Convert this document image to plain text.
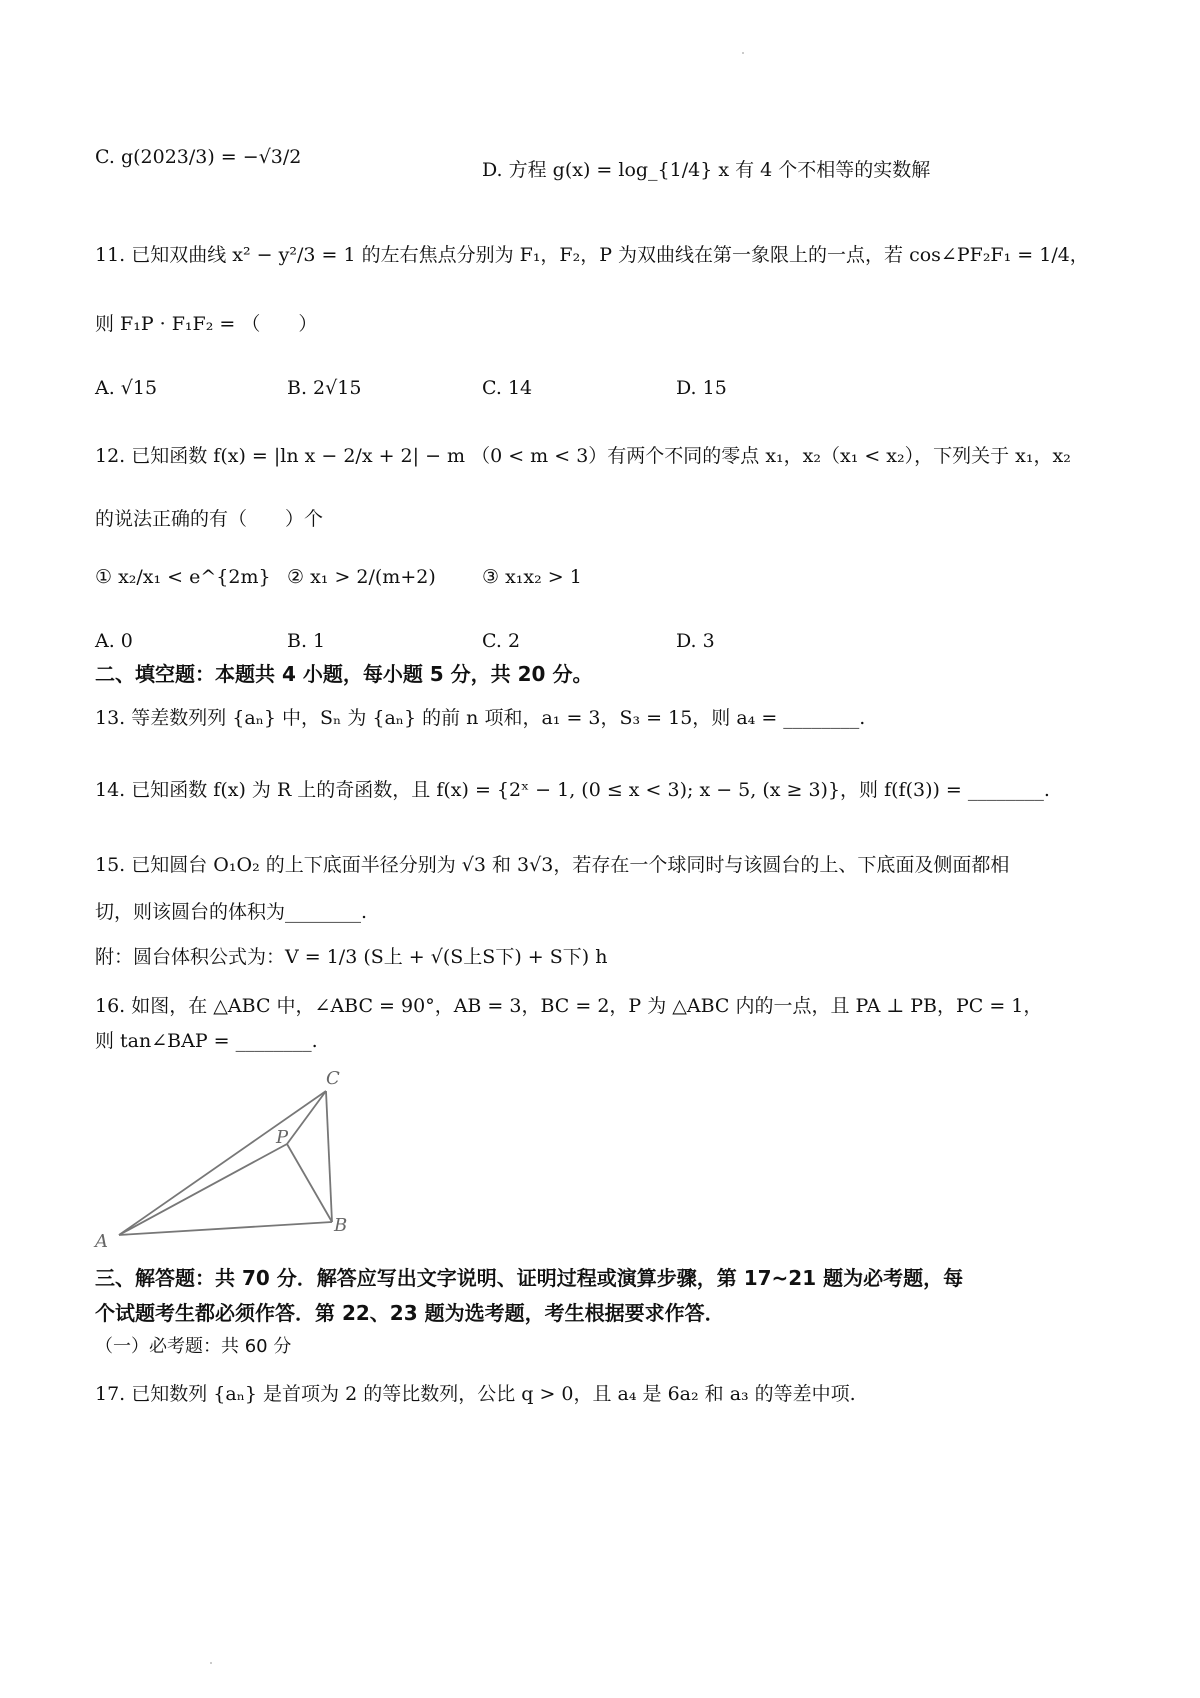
C. g(2023/3) = −√3/2
D. 方程 g(x) = log_{1/4} x 有 4 个不相等的实数解
11. 已知双曲线 x² − y²/3 = 1 的左右焦点分别为 F₁，F₂，P 为双曲线在第一象限上的一点，若 cos∠PF₂F₁ = 1/4，
则 F₁P · F₁F₂ = （　　）
A. √15	B. 2√15	C. 14	D. 15
12. 已知函数 f(x) = |ln x − 2/x + 2| − m （0 < m < 3）有两个不同的零点 x₁，x₂（x₁ < x₂），下列关于 x₁，x₂
的说法正确的有（　　）个
① x₂/x₁ < e^{2m} ② x₁ > 2/(m+2) ③ x₁x₂ > 1
A. 0	B. 1	C. 2	D. 3
二、填空题：本题共 4 小题，每小题 5 分，共 20 分。
13. 等差数列列 {aₙ} 中，Sₙ 为 {aₙ} 的前 n 项和，a₁ = 3，S₃ = 15，则 a₄ = ________.
14. 已知函数 f(x) 为 R 上的奇函数，且 f(x) = {2ˣ − 1, (0 ≤ x < 3); x − 5, (x ≥ 3)}，则 f(f(3)) = ________.
15. 已知圆台 O₁O₂ 的上下底面半径分别为 √3 和 3√3，若存在一个球同时与该圆台的上、下底面及侧面都相
切，则该圆台的体积为________.
附：圆台体积公式为：V = 1/3 (S上 + √(S上S下) + S下) h
16. 如图，在 △ABC 中，∠ABC = 90°，AB = 3，BC = 2，P 为 △ABC 内的一点，且 PA ⊥ PB，PC = 1，
则 tan∠BAP = ________.
A
B
C
P
三、解答题：共 70 分．解答应写出文字说明、证明过程或演算步骤，第 17~21 题为必考题，每
个试题考生都必须作答．第 22、23 题为选考题，考生根据要求作答．
（一）必考题：共 60 分
17. 已知数列 {aₙ} 是首项为 2 的等比数列，公比 q > 0，且 a₄ 是 6a₂ 和 a₃ 的等差中项.
